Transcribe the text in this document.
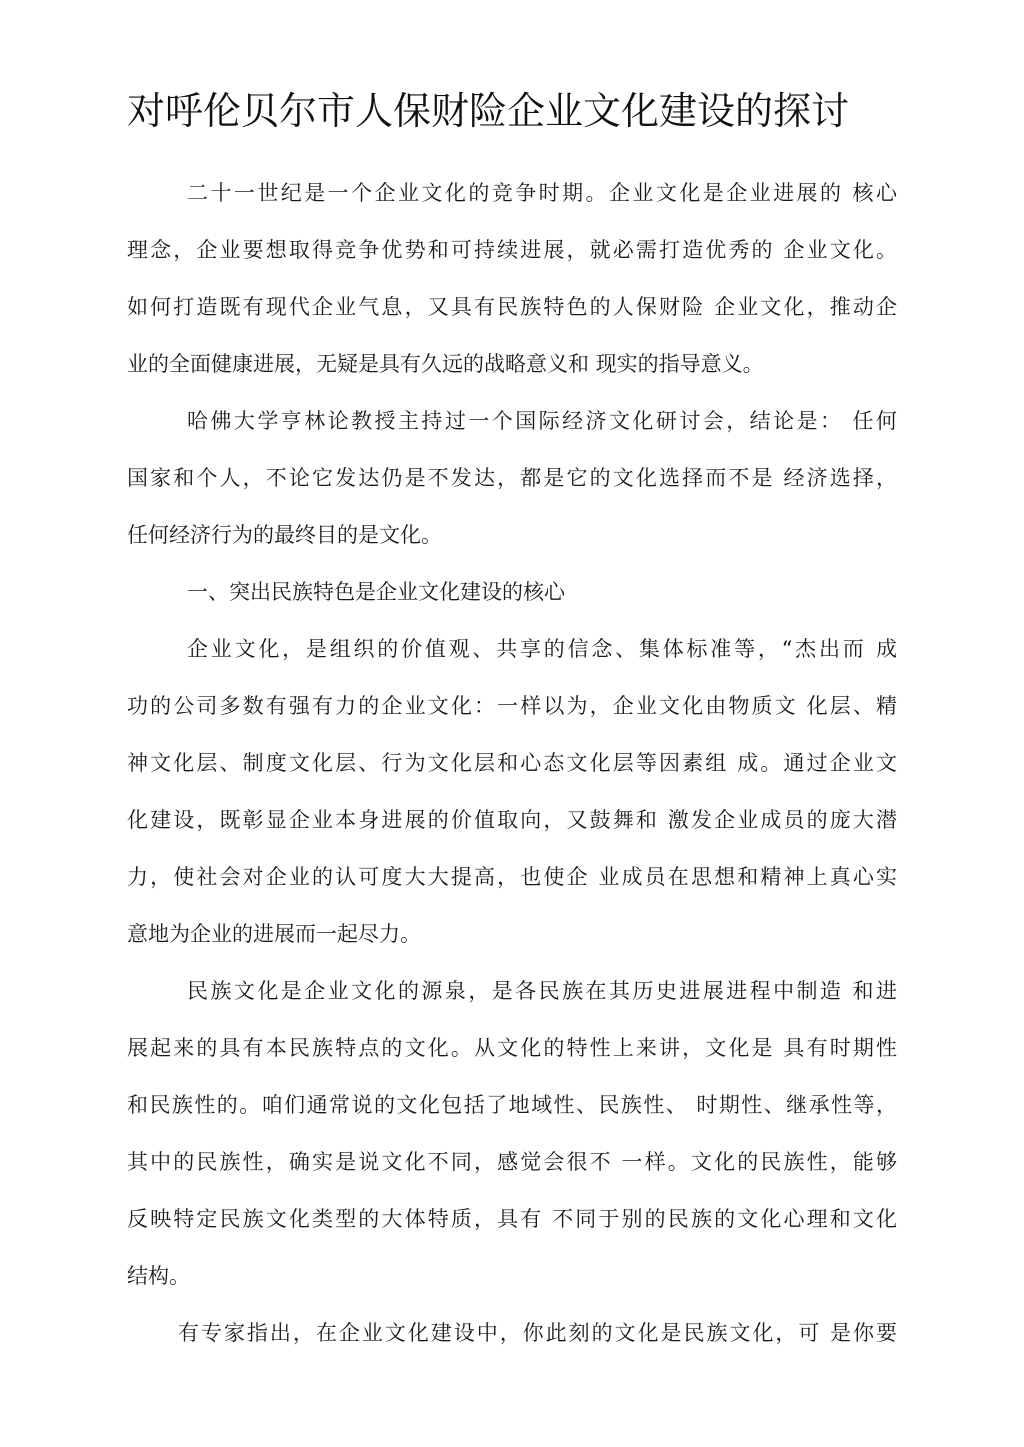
对呼伦贝尔市人保财险企业文化建设的探讨
二十一世纪是一个企业文化的竞争时期。企业文化是企业进展的 核心
理念，企业要想取得竞争优势和可持续进展，就必需打造优秀的 企业文化。
如何打造既有现代企业气息，又具有民族特色的人保财险 企业文化，推动企
业的全面健康进展，无疑是具有久远的战略意义和 现实的指导意义。
哈佛大学亨林论教授主持过一个国际经济文化研讨会，结论是： 任何
国家和个人，不论它发达仍是不发达，都是它的文化选择而不是 经济选择，
任何经济行为的最终目的是文化。
一、突出民族特色是企业文化建设的核心
企业文化，是组织的价值观、共享的信念、集体标准等，“杰出而 成
功的公司多数有强有力的企业文化：一样以为，企业文化由物质文 化层、精
神文化层、制度文化层、行为文化层和心态文化层等因素组 成。通过企业文
化建设，既彰显企业本身进展的价值取向，又鼓舞和 激发企业成员的庞大潜
力，使社会对企业的认可度大大提高，也使企 业成员在思想和精神上真心实
意地为企业的进展而一起尽力。
民族文化是企业文化的源泉，是各民族在其历史进展进程中制造 和进
展起来的具有本民族特点的文化。从文化的特性上来讲，文化是 具有时期性
和民族性的。咱们通常说的文化包括了地域性、民族性、 时期性、继承性等，
其中的民族性，确实是说文化不同，感觉会很不 一样。文化的民族性，能够
反映特定民族文化类型的大体特质，具有 不同于别的民族的文化心理和文化
结构。
有专家指出，在企业文化建设中，你此刻的文化是民族文化，可 是你要
